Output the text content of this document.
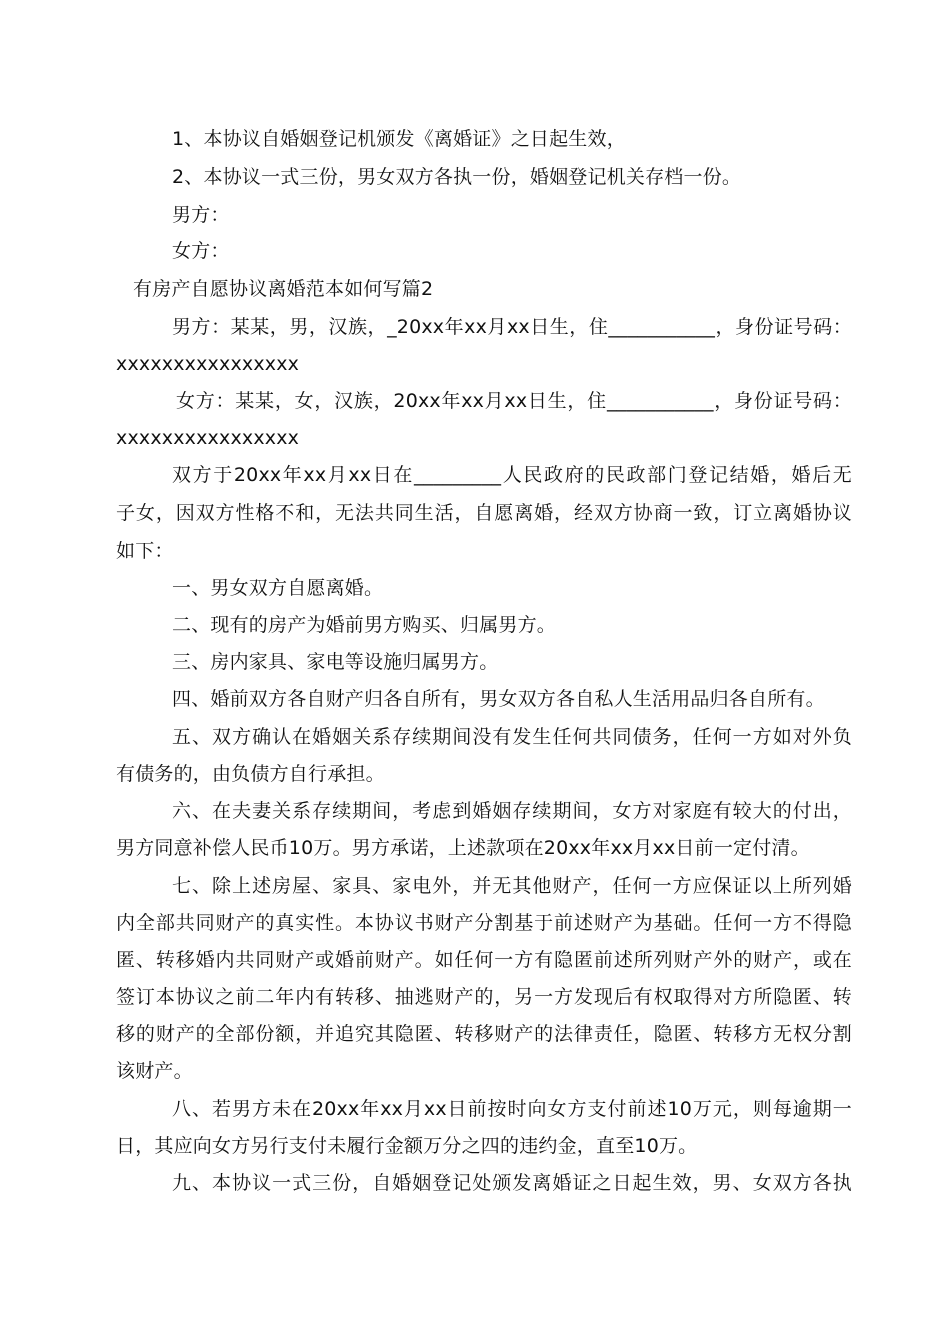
1、本协议自婚姻登记机颁发《离婚证》之日起生效，
2、本协议一式三份，男女双方各执一份，婚姻登记机关存档一份。
男方：
女方：
有房产自愿协议离婚范本如何写篇2
男方：某某，男，汉族，_20xx年xx月xx日生，住___________，身份证号码：
xxxxxxxxxxxxxxxx
女方：某某，女，汉族，20xx年xx月xx日生，住___________，身份证号码：
xxxxxxxxxxxxxxxx
双方于20xx年xx月xx日在_________人民政府的民政部门登记结婚，婚后无
子女，因双方性格不和，无法共同生活，自愿离婚，经双方协商一致，订立离婚协议
如下：
一、男女双方自愿离婚。
二、现有的房产为婚前男方购买、归属男方。
三、房内家具、家电等设施归属男方。
四、婚前双方各自财产归各自所有，男女双方各自私人生活用品归各自所有。
五、双方确认在婚姻关系存续期间没有发生任何共同债务，任何一方如对外负
有债务的，由负债方自行承担。
六、在夫妻关系存续期间，考虑到婚姻存续期间，女方对家庭有较大的付出，
男方同意补偿人民币10万。男方承诺，上述款项在20xx年xx月xx日前一定付清。
七、除上述房屋、家具、家电外，并无其他财产，任何一方应保证以上所列婚
内全部共同财产的真实性。本协议书财产分割基于前述财产为基础。任何一方不得隐
匿、转移婚内共同财产或婚前财产。如任何一方有隐匿前述所列财产外的财产，或在
签订本协议之前二年内有转移、抽逃财产的，另一方发现后有权取得对方所隐匿、转
移的财产的全部份额，并追究其隐匿、转移财产的法律责任，隐匿、转移方无权分割
该财产。
八、若男方未在20xx年xx月xx日前按时向女方支付前述10万元，则每逾期一
日，其应向女方另行支付未履行金额万分之四的违约金，直至10万。
九、本协议一式三份，自婚姻登记处颁发离婚证之日起生效，男、女双方各执
